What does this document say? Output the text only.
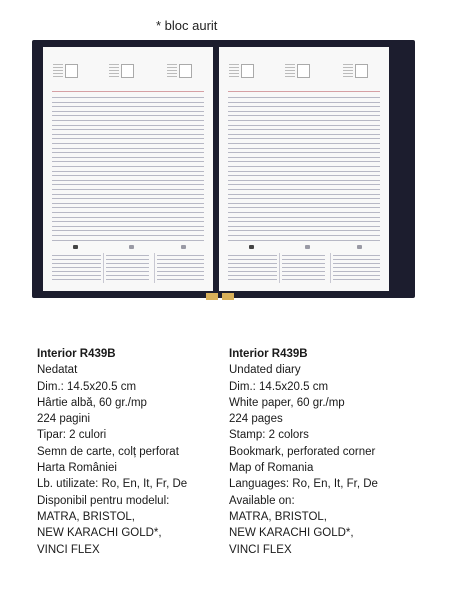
* bloc aurit
Interior R439B
Nedatat
Dim.: 14.5x20.5 cm
Hârtie albă, 60 gr./mp
224 pagini
Tipar: 2 culori
Semn de carte, colț perforat
Harta României
Lb. utilizate: Ro, En, It, Fr, De
Disponibil pentru modelul:
MATRA, BRISTOL,
NEW KARACHI GOLD*,
VINCI FLEX
Interior R439B
Undated diary
Dim.: 14.5x20.5 cm
White paper, 60 gr./mp
224 pages
Stamp: 2 colors
Bookmark, perforated corner
Map of Romania
Languages: Ro, En, It, Fr, De
Available on:
MATRA, BRISTOL,
NEW KARACHI GOLD*,
VINCI FLEX
